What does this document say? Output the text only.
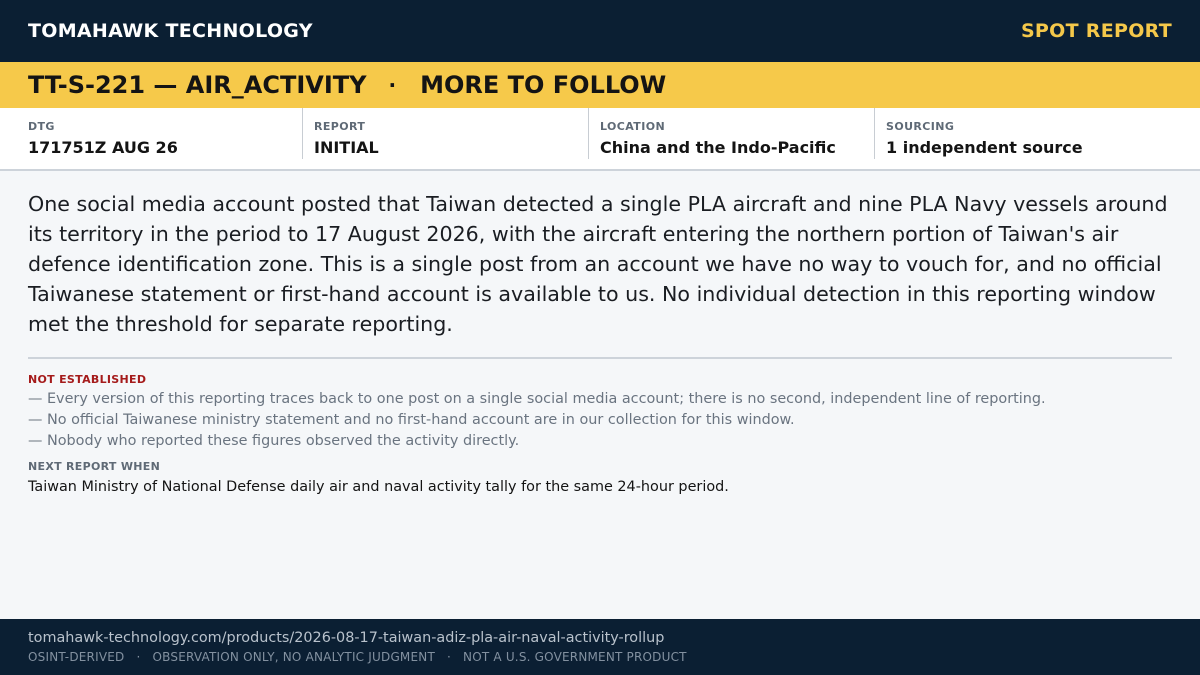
TOMAHAWK TECHNOLOGY	SPOT REPORT
TT-S-221 — AIR_ACTIVITY · MORE TO FOLLOW
DTG
171751Z AUG 26
REPORT
INITIAL
LOCATION
China and the Indo-Pacific
SOURCING
1 independent source

One social media account posted that Taiwan detected a single PLA aircraft and nine PLA Navy vessels around its territory in the period to 17 August 2026, with the aircraft entering the northern portion of Taiwan's air defence identification zone. This is a single post from an account we have no way to vouch for, and no official Taiwanese statement or first-hand account is available to us. No individual detection in this reporting window met the threshold for separate reporting.

NOT ESTABLISHED
— Every version of this reporting traces back to one post on a single social media account; there is no second, independent line of reporting.
— No official Taiwanese ministry statement and no first-hand account are in our collection for this window.
— Nobody who reported these figures observed the activity directly.
NEXT REPORT WHEN
Taiwan Ministry of National Defense daily air and naval activity tally for the same 24-hour period.
tomahawk-technology.com/products/2026-08-17-taiwan-adiz-pla-air-naval-activity-rollup
OSINT-DERIVED · OBSERVATION ONLY, NO ANALYTIC JUDGMENT · NOT A U.S. GOVERNMENT PRODUCT
